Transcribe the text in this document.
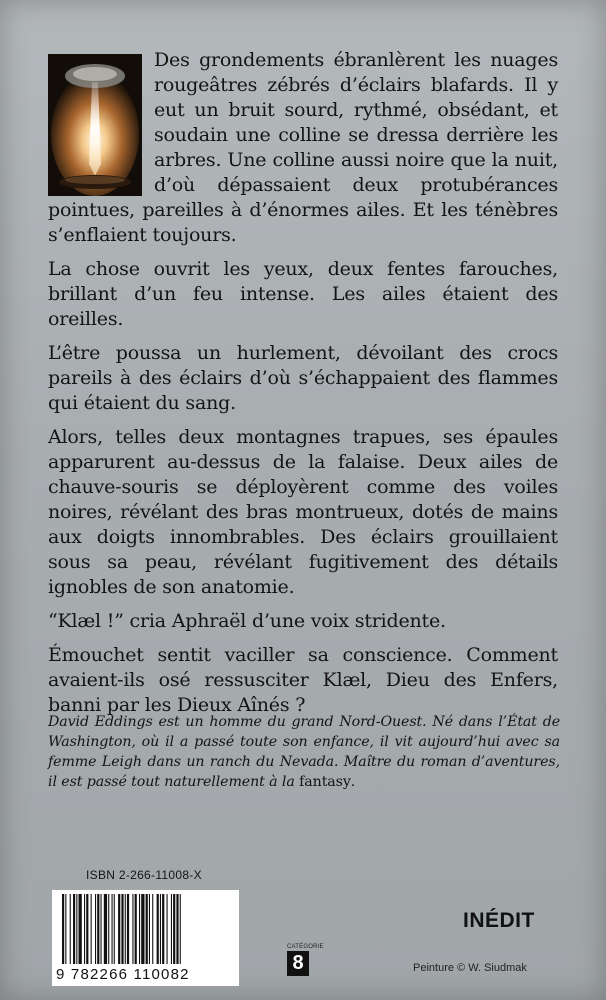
Des grondements ébranlèrent les nuages rougeâtres zébrés d’éclairs blafards. Il y eut un bruit sourd, rythmé, obsédant, et soudain une colline se dressa derrière les arbres. Une colline aussi noire que la nuit, d’où dépassaient deux protubérances pointues, pareilles à d’énormes ailes. Et les ténèbres s’enflaient toujours.

La chose ouvrit les yeux, deux fentes farouches, brillant d’un feu intense. Les ailes étaient des oreilles.

L’être poussa un hurlement, dévoilant des crocs pareils à des éclairs d’où s’échappaient des flammes qui étaient du sang.

Alors, telles deux montagnes trapues, ses épaules apparurent au-dessus de la falaise. Deux ailes de chauve-souris se déployèrent comme des voiles noires, révélant des bras montrueux, dotés de mains aux doigts innombrables. Des éclairs grouillaient sous sa peau, révélant fugitivement des détails ignobles de son anatomie.

“Klæl !” cria Aphraël d’une voix stridente.

Émouchet sentit vaciller sa conscience. Comment avaient-ils osé ressusciter Klæl, Dieu des Enfers, banni par les Dieux Aînés ?

David Eddings est un homme du grand Nord-Ouest. Né dans l’État de Washington, où il a passé toute son enfance, il vit aujourd’hui avec sa femme Leigh dans un ranch du Nevada. Maître du roman d’aventures, il est passé tout naturellement à la fantasy.
ISBN 2-266-11008-X
9 782266 110082
CATÉGORIE
8
INÉDIT
Peinture © W. Siudmak
